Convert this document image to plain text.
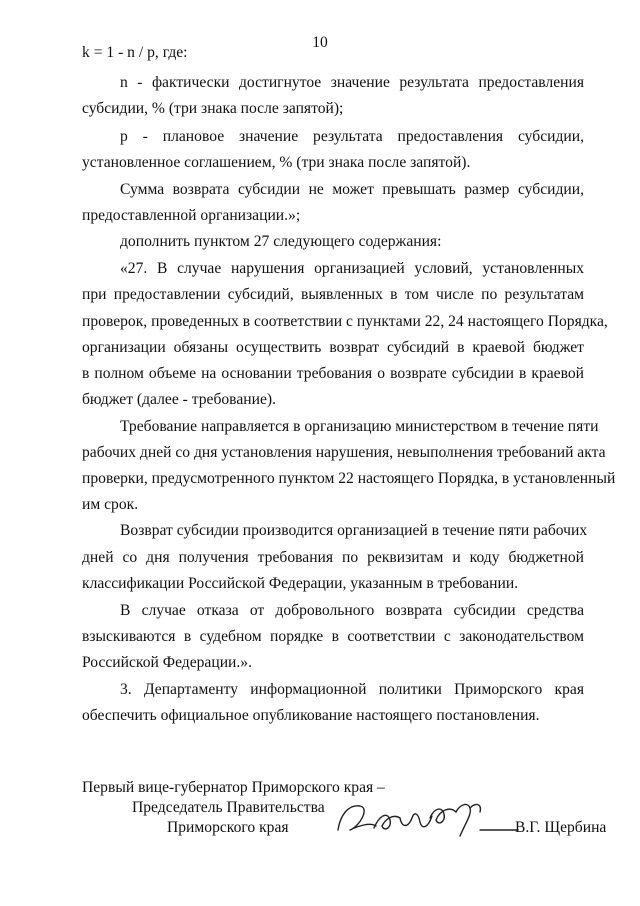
10
k = 1 - n / p, где:
n - фактически достигнутое значение результата предоставления
субсидии, % (три знака после запятой);
p - плановое значение результата предоставления субсидии,
установленное соглашением, % (три знака после запятой).
Сумма возврата субсидии не может превышать размер субсидии,
предоставленной организации.»;
дополнить пунктом 27 следующего содержания:
«27. В случае нарушения организацией условий, установленных
при предоставлении субсидий, выявленных в том числе по результатам
проверок, проведенных в соответствии с пунктами 22, 24 настоящего Порядка,
организации обязаны осуществить возврат субсидий в краевой бюджет
в полном объеме на основании требования о возврате субсидии в краевой
бюджет (далее - требование).
Требование направляется в организацию министерством в течение пяти
рабочих дней со дня установления нарушения, невыполнения требований акта
проверки, предусмотренного пунктом 22 настоящего Порядка, в установленный
им срок.
Возврат субсидии производится организацией в течение пяти рабочих
дней со дня получения требования по реквизитам и коду бюджетной
классификации Российской Федерации, указанным в требовании.
В случае отказа от добровольного возврата субсидии средства
взыскиваются в судебном порядке в соответствии с законодательством
Российской Федерации.».
3. Департаменту информационной политики Приморского края
обеспечить официальное опубликование настоящего постановления.
Первый вице-губернатор Приморского края –
Председатель Правительства
Приморского края	В.Г. Щербина
